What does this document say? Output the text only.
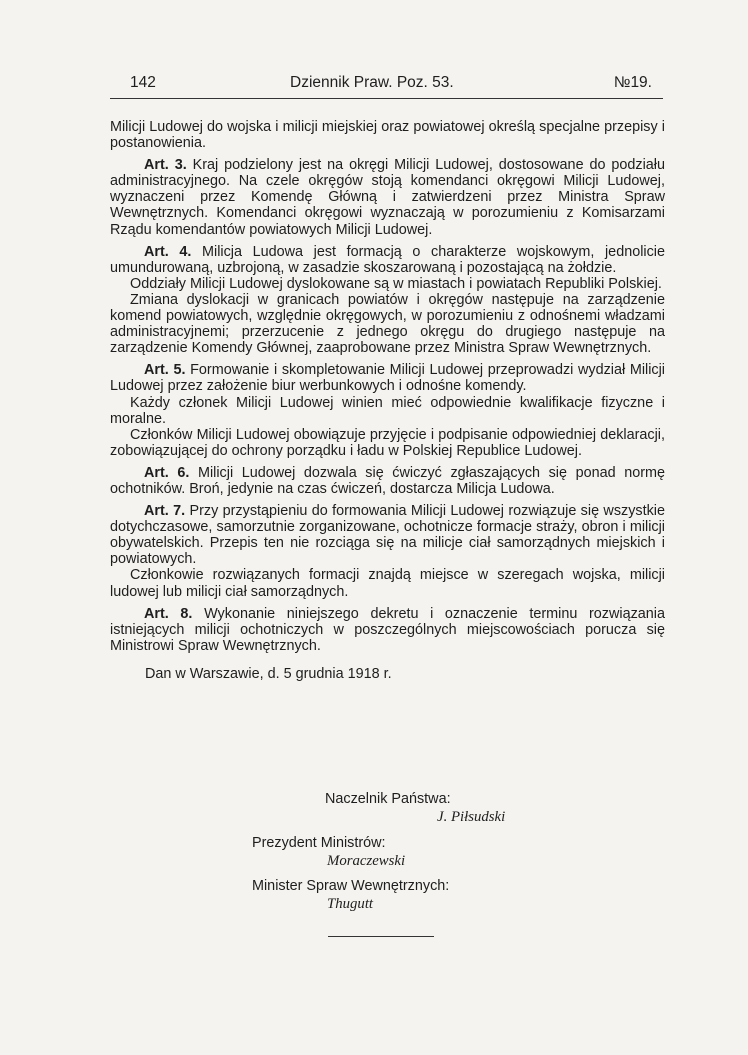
142	Dziennik Praw. Poz. 53.	№19.

Milicji Ludowej do wojska i milicji miejskiej oraz powiatowej określą specjalne przepisy i postanowienia.

Art. 3. Kraj podzielony jest na okręgi Milicji Ludowej, dostosowane do podziału administracyjnego. Na czele okręgów stoją komendanci okręgowi Milicji Ludowej, wyznaczeni przez Komendę Główną i zatwierdzeni przez Ministra Spraw Wewnętrznych. Komendanci okręgowi wyznaczają w porozumieniu z Komisarzami Rządu komendantów powiatowych Milicji Ludowej.

Art. 4. Milicja Ludowa jest formacją o charakterze wojskowym, jednolicie umundurowaną, uzbrojoną, w zasadzie skoszarowaną i pozostającą na żołdzie.

Oddziały Milicji Ludowej dyslokowane są w miastach i powiatach Republiki Polskiej.

Zmiana dyslokacji w granicach powiatów i okręgów następuje na zarządzenie komend powiatowych, względnie okręgowych, w porozumieniu z odnośnemi władzami administracyjnemi; przerzucenie z jednego okręgu do drugiego następuje na zarządzenie Komendy Głównej, zaaprobowane przez Ministra Spraw Wewnętrznych.

Art. 5. Formowanie i skompletowanie Milicji Ludowej przeprowadzi wydział Milicji Ludowej przez założenie biur werbunkowych i odnośne komendy.

Każdy członek Milicji Ludowej winien mieć odpowiednie kwalifikacje fizyczne i moralne.

Członków Milicji Ludowej obowiązuje przyjęcie i podpisanie odpowiedniej deklaracji, zobowiązującej do ochrony porządku i ładu w Polskiej Republice Ludowej.

Art. 6. Milicji Ludowej dozwala się ćwiczyć zgłaszających się ponad normę ochotników. Broń, jedynie na czas ćwiczeń, dostarcza Milicja Ludowa.

Art. 7. Przy przystąpieniu do formowania Milicji Ludowej rozwiązuje się wszystkie dotychczasowe, samorzutnie zorganizowane, ochotnicze formacje straży, obron i milicji obywatelskich. Przepis ten nie rozciąga się na milicje ciał samorządnych miejskich i powiatowych.

Członkowie rozwiązanych formacji znajdą miejsce w szeregach wojska, milicji ludowej lub milicji ciał samorządnych.

Art. 8. Wykonanie niniejszego dekretu i oznaczenie terminu rozwiązania istniejących milicji ochotniczych w poszczególnych miejscowościach porucza się Ministrowi Spraw Wewnętrznych.

Dan w Warszawie, d. 5 grudnia 1918 r.
Naczelnik Państwa:
J. Piłsudski
Prezydent Ministrów:
Moraczewski
Minister Spraw Wewnętrznych:
Thugutt
